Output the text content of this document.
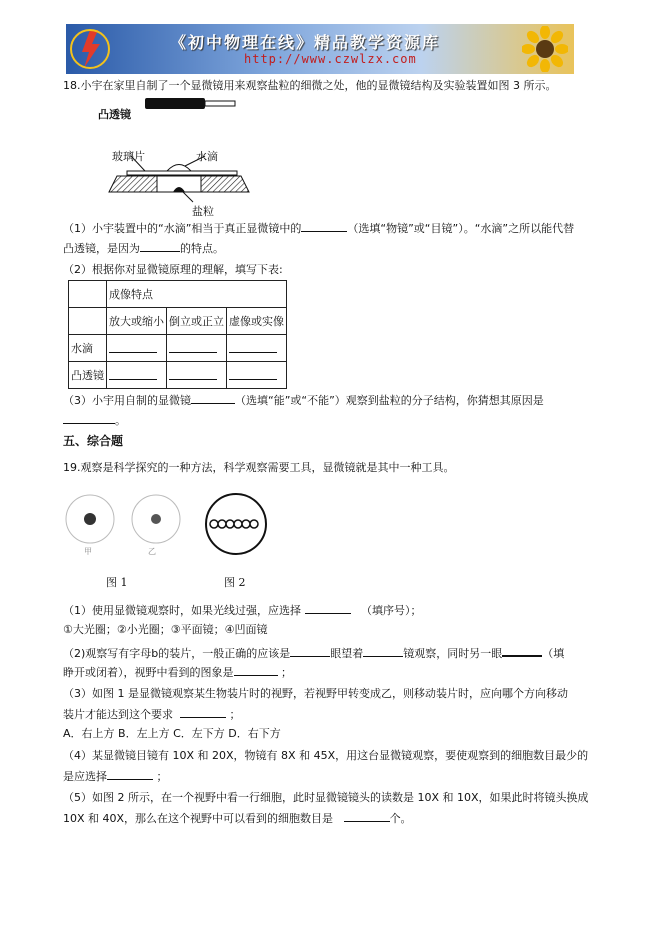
《初中物理在线》精品教学资源库
http://www.czwlzx.com
18.小宇在家里自制了一个显微镜用来观察盐粒的细微之处，他的显微镜结构及实验装置如图 3 所示。
凸透镜
玻璃片	水滴
盐粒
（1）小宇装置中的“水滴”相当于真正显微镜中的	（选填“物镜”或“目镜”）。“水滴”之所以能代替
凸透镜，是因为	的特点。
（2）根据你对显微镜原理的理解，填写下表:
	成像特点		
	放大或缩小	倒立或正立	虚像或实像
水滴			
凸透镜			
（3）小宇用自制的显微镜	（选填“能”或“不能”）观察到盐粒的分子结构，你猜想其原因是
。
五、综合题
19.观察是科学探究的一种方法，科学观察需要工具，显微镜就是其中一种工具。
甲	乙
图 1	图 2
（1）使用显微镜观察时，如果光线过强，应选择	（填序号）；
①大光圈；②小光圈；③平面镜；④凹面镜
（2)观察写有字母b的装片，一般正确的应该是	眼望着	镜观察，同时另一眼	（填
睁开或闭着），视野中看到的图象是	；
（3）如图 1 是显微镜观察某生物装片时的视野，若视野甲转变成乙，则移动装片时，应向哪个方向移动
装片才能达到这个要求	；
A．右上方 B．左上方 C．左下方 D．右下方
（4）某显微镜目镜有 10X 和 20X，物镜有 8X 和 45X，用这台显微镜观察，要使观察到的细胞数目最少的
是应选择	；
（5）如图 2 所示，在一个视野中看一行细胞，此时显微镜镜头的读数是 10X 和 10X，如果此时将镜头换成
10X 和 40X，那么在这个视野中可以看到的细胞数目是	个。
